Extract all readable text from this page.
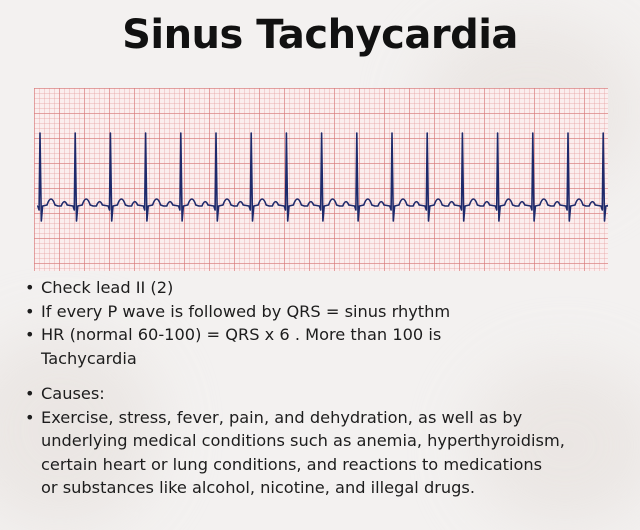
Sinus Tachycardia
• Check lead II (2)
• If every P wave is followed by QRS = sinus rhythm
• HR (normal 60-100) = QRS x 6 . More than 100 is
Tachycardia
• Causes:
• Exercise, stress, fever, pain, and dehydration, as well as by
underlying medical conditions such as anemia, hyperthyroidism,
certain heart or lung conditions, and reactions to medications
or substances like alcohol, nicotine, and illegal drugs.
